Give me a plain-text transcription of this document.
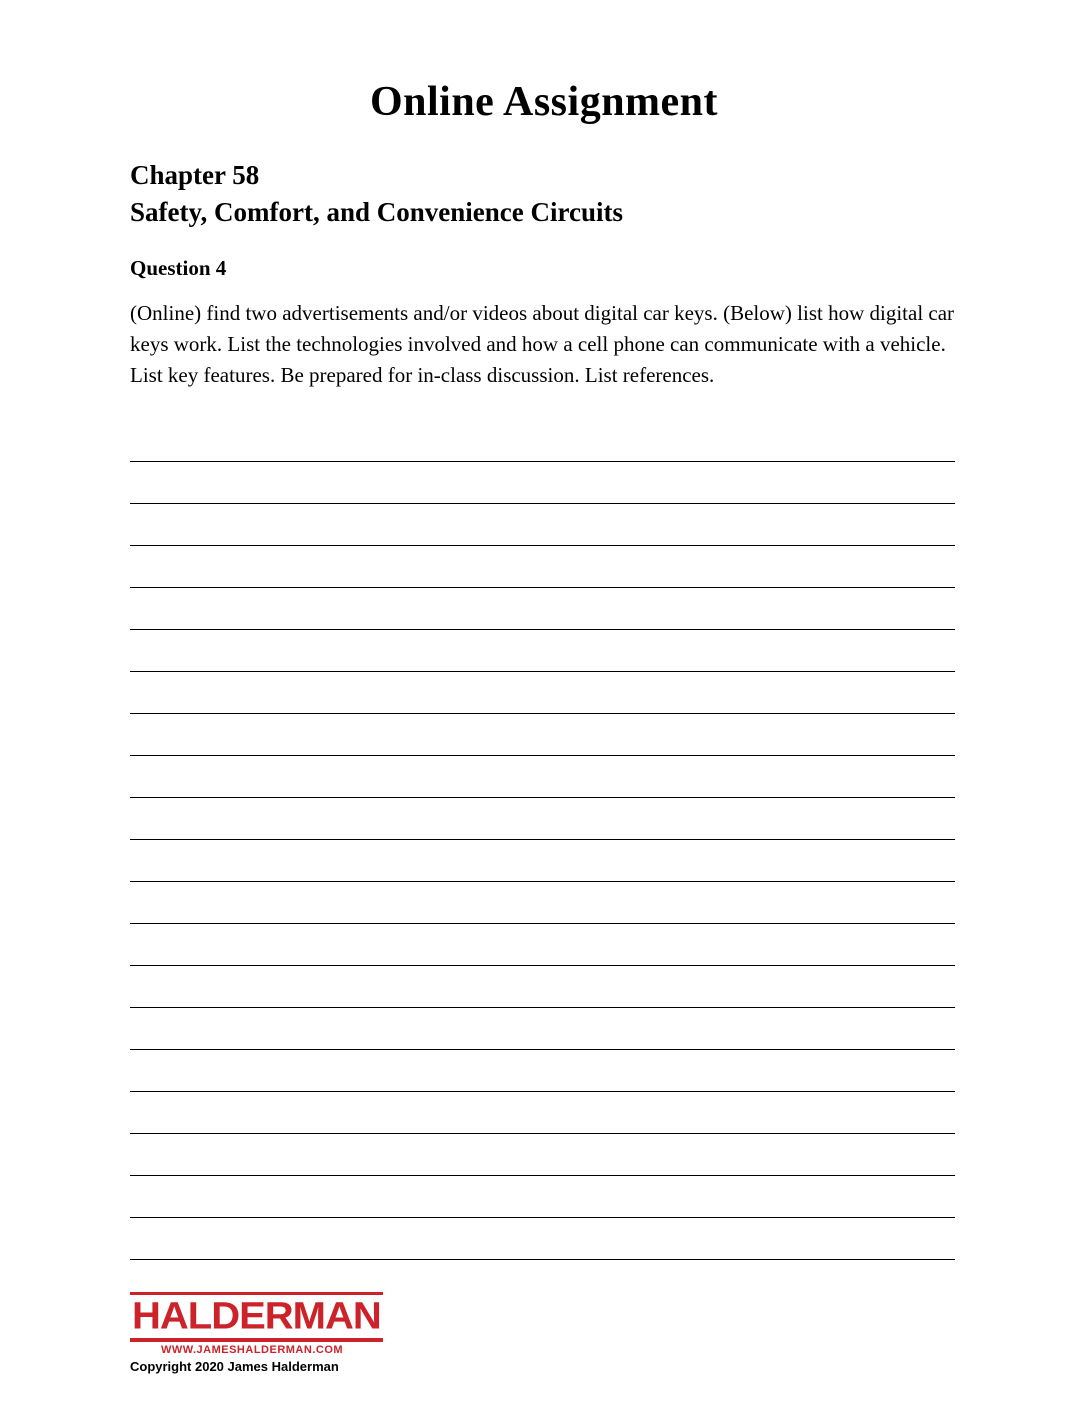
Online Assignment

Chapter 58

Safety, Comfort, and Convenience Circuits

Question 4
(Online) find two advertisements and/or videos about digital car keys. (Below) list how digital car keys work. List the technologies involved and how a cell phone can communicate with a vehicle. List key features. Be prepared for in-class discussion. List references.
HALDERMAN
WWW.JAMESHALDERMAN.COM
Copyright 2020 James Halderman
